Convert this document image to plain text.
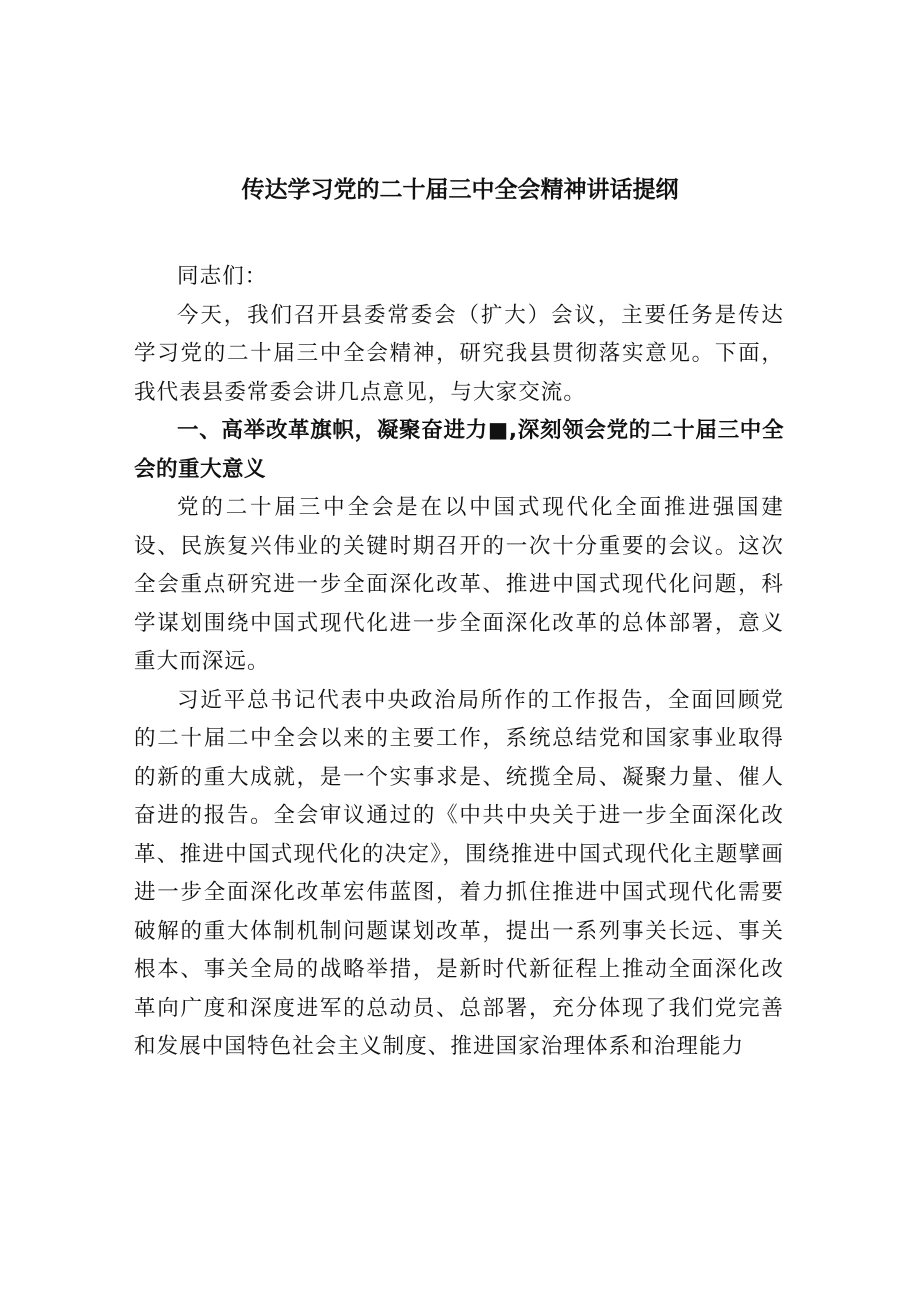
传达学习党的二十届三中全会精神讲话提纲

同志们：

今天，我们召开县委常委会（扩大）会议，主要任务是传达学习党的二十届三中全会精神，研究我县贯彻落实意见。下面，我代表县委常委会讲几点意见，与大家交流。

一、高举改革旗帜，凝聚奋进力■,深刻领会党的二十届三中全会的重大意义

党的二十届三中全会是在以中国式现代化全面推进强国建设、民族复兴伟业的关键时期召开的一次十分重要的会议。这次全会重点研究进一步全面深化改革、推进中国式现代化问题，科学谋划围绕中国式现代化进一步全面深化改革的总体部署，意义重大而深远。

习近平总书记代表中央政治局所作的工作报告，全面回顾党的二十届二中全会以来的主要工作，系统总结党和国家事业取得的新的重大成就，是一个实事求是、统揽全局、凝聚力量、催人奋进的报告。全会审议通过的《中共中央关于进一步全面深化改革、推进中国式现代化的决定》，围绕推进中国式现代化主题擘画进一步全面深化改革宏伟蓝图，着力抓住推进中国式现代化需要破解的重大体制机制问题谋划改革，提出一系列事关长远、事关根本、事关全局的战略举措，是新时代新征程上推动全面深化改革向广度和深度进军的总动员、总部署，充分体现了我们党完善和发展中国特色社会主义制度、推进国家治理体系和治理能力
